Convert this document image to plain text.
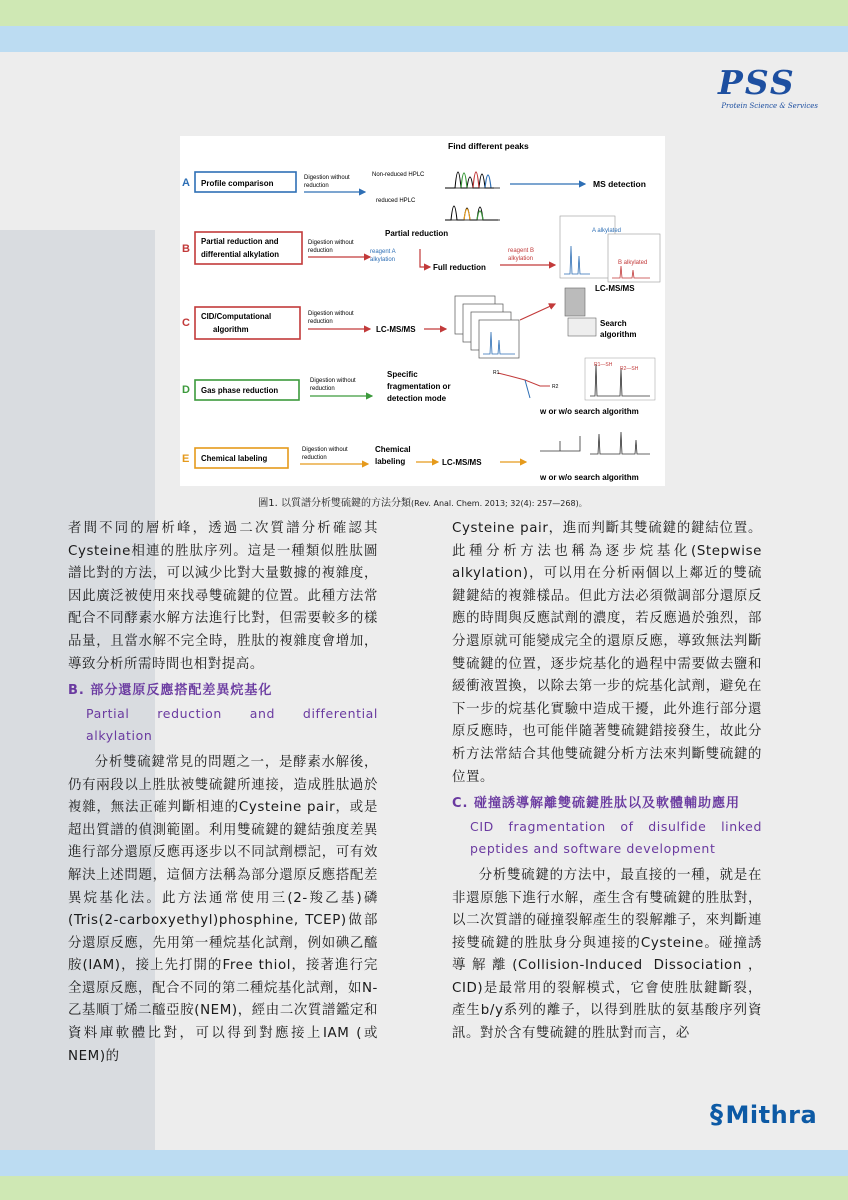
PSS
Protein Science & Services
Find different peaks
A Profile comparison
Digestion without
reduction
Non-reduced HPLC
reduced HPLC
MS detection
B
Partial reduction and
differential alkylation
Digestion without
reduction
Partial reduction
reagent A
alkylation
Full reduction
reagent B
alkylation
A alkylated
B alkylated
LC-MS/MS
C
CID/Computational
algorithm
Digestion without
reduction
LC-MS/MS
Search
algorithm
D Gas phase reduction
Digestion without
reduction
Specific
fragmentation or
detection mode
R1
R2
R1—SH
R2—SH
w or w/o search algorithm
E Chemical labeling
Digestion without
reduction
Chemical
labeling	LC-MS/MS
w or w/o search algorithm
圖1. 以質譜分析雙硫鍵的方法分類(Rev. Anal. Chem. 2013; 32(4): 257—268)。

者間不同的層析峰，透過二次質譜分析確認其Cysteine相連的胜肽序列。這是一種類似胜肽圖譜比對的方法，可以減少比對大量數據的複雜度，因此廣泛被使用來找尋雙硫鍵的位置。此種方法常配合不同酵素水解方法進行比對，但需要較多的樣品量，且當水解不完全時，胜肽的複雜度會增加，導致分析所需時間也相對提高。

B. 部分還原反應搭配差異烷基化

Partial reduction and differential alkylation

分析雙硫鍵常見的問題之一，是酵素水解後，仍有兩段以上胜肽被雙硫鍵所連接，造成胜肽過於複雜，無法正確判斷相連的Cysteine pair，或是超出質譜的偵測範圍。利用雙硫鍵的鍵結強度差異進行部分還原反應再逐步以不同試劑標記，可有效解決上述問題，這個方法稱為部分還原反應搭配差異烷基化法。此方法通常使用三(2-羧乙基)磷(Tris(2-carboxyethyl)phosphine, TCEP)做部分還原反應，先用第一種烷基化試劑，例如碘乙醯胺(IAM)，接上先打開的Free thiol，接著進行完全還原反應，配合不同的第二種烷基化試劑，如N-乙基順丁烯二醯亞胺(NEM)，經由二次質譜鑑定和資料庫軟體比對，可以得到對應接上IAM (或NEM)的

Cysteine pair，進而判斷其雙硫鍵的鍵結位置。此種分析方法也稱為逐步烷基化(Stepwise alkylation)，可以用在分析兩個以上鄰近的雙硫鍵鍵結的複雜樣品。但此方法必須微調部分還原反應的時間與反應試劑的濃度，若反應過於強烈，部分還原就可能變成完全的還原反應，導致無法判斷雙硫鍵的位置，逐步烷基化的過程中需要做去鹽和緩衝液置換，以除去第一步的烷基化試劑，避免在下一步的烷基化實驗中造成干擾，此外進行部分還原反應時，也可能伴隨著雙硫鍵錯接發生，故此分析方法常結合其他雙硫鍵分析方法來判斷雙硫鍵的位置。

C. 碰撞誘導解離雙硫鍵胜肽以及軟體輔助應用

CID fragmentation of disulfide linked peptides and software development

分析雙硫鍵的方法中，最直接的一種，就是在非還原態下進行水解，產生含有雙硫鍵的胜肽對，以二次質譜的碰撞裂解產生的裂解離子，來判斷連接雙硫鍵的胜肽身分與連接的Cysteine。碰撞誘導解離(Collision-Induced Dissociation，CID)是最常用的裂解模式，它會使胜肽鍵斷裂，產生b/y系列的離子，以得到胜肽的氨基酸序列資訊。對於含有雙硫鍵的胜肽對而言，必

§Mithra
